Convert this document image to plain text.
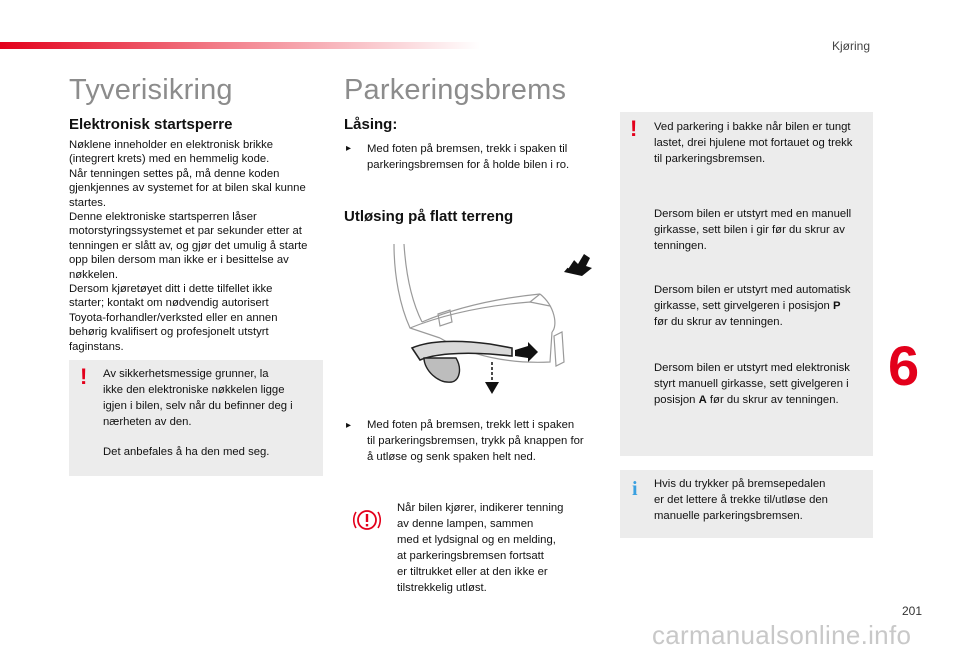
Kjøring
Tyverisikring
Elektronisk startsperre
Nøklene inneholder en elektronisk brikke
(integrert krets) med en hemmelig kode.
Når tenningen settes på, må denne koden
gjenkjennes av systemet for at bilen skal kunne
startes.
Denne elektroniske startsperren låser
motorstyringssystemet et par sekunder etter at
tenningen er slått av, og gjør det umulig å starte
opp bilen dersom man ikke er i besittelse av
nøkkelen.
Dersom kjøretøyet ditt i dette tilfellet ikke
starter; kontakt om nødvendig autorisert
Toyota-forhandler/verksted eller en annen
behørig kvalifisert og profesjonelt utstyrt
faginstans.
! Av sikkerhetsmessige grunner, la
ikke den elektroniske nøkkelen ligge
igjen i bilen, selv når du befinner deg i
nærheten av den.
Det anbefales å ha den med seg.
Parkeringsbrems
Låsing:
▸ Med foten på bremsen, trekk i spaken til
parkeringsbremsen for å holde bilen i ro.
Utløsing på flatt terreng
▸ Med foten på bremsen, trekk lett i spaken
til parkeringsbremsen, trykk på knappen for
å utløse og senk spaken helt ned.
Når bilen kjører, indikerer tenning
av denne lampen, sammen
med et lydsignal og en melding,
at parkeringsbremsen fortsatt
er tiltrukket eller at den ikke er
tilstrekkelig utløst.
! Ved parkering i bakke når bilen er tungt
lastet, drei hjulene mot fortauet og trekk
til parkeringsbremsen.
Dersom bilen er utstyrt med en manuell
girkasse, sett bilen i gir før du skrur av
tenningen.
Dersom bilen er utstyrt med automatisk
girkasse, sett girvelgeren i posisjon P
før du skrur av tenningen.
Dersom bilen er utstyrt med elektronisk
styrt manuell girkasse, sett givelgeren i
posisjon A før du skrur av tenningen.
i Hvis du trykker på bremsepedalen
er det lettere å trekke til/utløse den
manuelle parkeringsbremsen.
6
201
carmanualsonline.info
